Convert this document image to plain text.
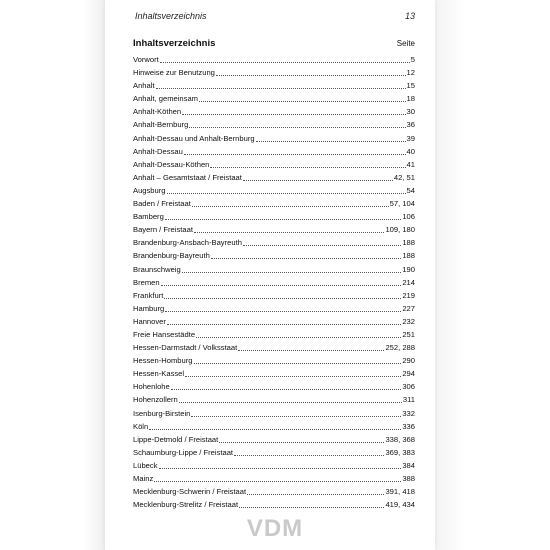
Inhaltsverzeichnis	13
Inhaltsverzeichnis	Seite
Vorwort	5
Hinweise zur Benutzung	12
Anhalt	15
Anhalt, gemeinsam	18
Anhalt-Köthen	30
Anhalt-Bernburg	36
Anhalt-Dessau und Anhalt-Bernburg	39
Anhalt-Dessau	40
Anhalt-Dessau-Köthen	41
Anhalt – Gesamtstaat / Freistaat	42, 51
Augsburg	54
Baden / Freistaat	57, 104
Bamberg	106
Bayern / Freistaat	109, 180
Brandenburg-Ansbach-Bayreuth	188
Brandenburg-Bayreuth	188
Braunschweig	190
Bremen	214
Frankfurt	219
Hamburg	227
Hannover	232
Freie Hansestädte	251
Hessen-Darmstadt / Volksstaat	252, 288
Hessen-Homburg	290
Hessen-Kassel	294
Hohenlohe	306
Hohenzollern	311
Isenburg-Birstein	332
Köln	336
Lippe-Detmold / Freistaat	338, 368
Schaumburg-Lippe / Freistaat	369, 383
Lübeck	384
Mainz	388
Mecklenburg-Schwerin / Freistaat	391, 418
Mecklenburg-Strelitz / Freistaat	419, 434
VDM
